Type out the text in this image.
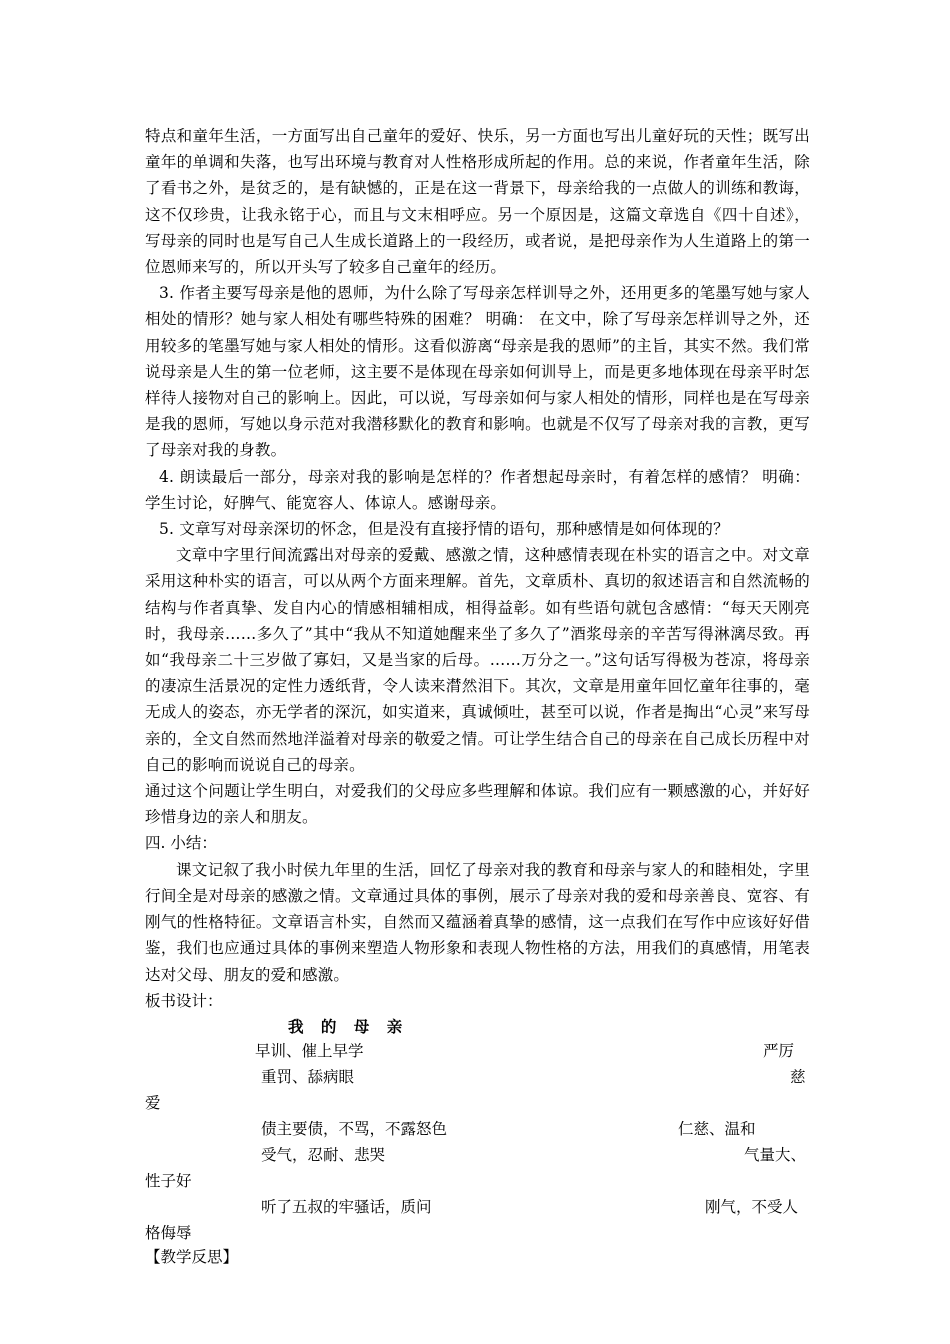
特点和童年生活，一方面写出自己童年的爱好、快乐，另一方面也写出儿童好玩的天性；既写出童年的单调和失落，也写出环境与教育对人性格形成所起的作用。总的来说，作者童年生活，除了看书之外，是贫乏的，是有缺憾的，正是在这一背景下，母亲给我的一点做人的训练和教诲，这不仅珍贵，让我永铭于心，而且与文末相呼应。另一个原因是，这篇文章选自《四十自述》，写母亲的同时也是写自己人生成长道路上的一段经历，或者说，是把母亲作为人生道路上的第一位恩师来写的，所以开头写了较多自己童年的经历。

3. 作者主要写母亲是他的恩师，为什么除了写母亲怎样训导之外，还用更多的笔墨写她与家人相处的情形？她与家人相处有哪些特殊的困难？ 明确： 在文中，除了写母亲怎样训导之外，还用较多的笔墨写她与家人相处的情形。这看似游离“母亲是我的恩师”的主旨，其实不然。我们常说母亲是人生的第一位老师，这主要不是体现在母亲如何训导上，而是更多地体现在母亲平时怎样待人接物对自己的影响上。因此，可以说，写母亲如何与家人相处的情形，同样也是在写母亲是我的恩师，写她以身示范对我潜移默化的教育和影响。也就是不仅写了母亲对我的言教，更写了母亲对我的身教。

4. 朗读最后一部分，母亲对我的影响是怎样的？作者想起母亲时，有着怎样的感情？ 明确：学生讨论，好脾气、能宽容人、体谅人。感谢母亲。

5. 文章写对母亲深切的怀念，但是没有直接抒情的语句，那种感情是如何体现的？

文章中字里行间流露出对母亲的爱戴、感激之情，这种感情表现在朴实的语言之中。对文章采用这种朴实的语言，可以从两个方面来理解。首先，文章质朴、真切的叙述语言和自然流畅的结构与作者真挚、发自内心的情感相辅相成，相得益彰。如有些语句就包含感情：“每天天刚亮时，我母亲……多久了”其中“我从不知道她醒来坐了多久了”酒浆母亲的辛苦写得淋漓尽致。再如“我母亲二十三岁做了寡妇，又是当家的后母。……万分之一。”这句话写得极为苍凉，将母亲的凄凉生活景况的定性力透纸背，令人读来潸然泪下。其次，文章是用童年回忆童年往事的，毫无成人的姿态，亦无学者的深沉，如实道来，真诚倾吐，甚至可以说，作者是掏出“心灵”来写母亲的，全文自然而然地洋溢着对母亲的敬爱之情。可让学生结合自己的母亲在自己成长历程中对自己的影响而说说自己的母亲。

通过这个问题让学生明白，对爱我们的父母应多些理解和体谅。我们应有一颗感激的心，并好好珍惜身边的亲人和朋友。

四. 小结：

课文记叙了我小时侯九年里的生活，回忆了母亲对我的教育和母亲与家人的和睦相处，字里行间全是对母亲的感激之情。文章通过具体的事例，展示了母亲对我的爱和母亲善良、宽容、有刚气的性格特征。文章语言朴实，自然而又蕴涵着真挚的感情，这一点我们在写作中应该好好借鉴，我们也应通过具体的事例来塑造人物形象和表现人物性格的方法，用我们的真感情，用笔表达对父母、朋友的爱和感激。

板书设计：

我 的 母 亲
早训、催上早学	严厉
重罚、舔病眼	慈
爱
债主要债，不骂，不露怒色	仁慈、温和
受气，忍耐、悲哭	气量大、
性子好
听了五叔的牢骚话，质问	刚气，不受人
格侮辱

【教学反思】
